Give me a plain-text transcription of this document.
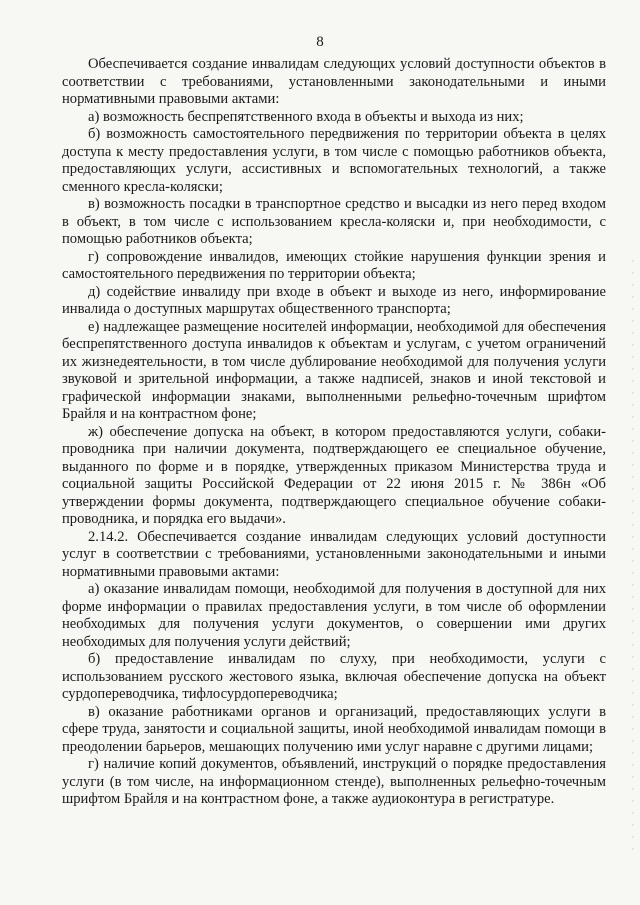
8

Обеспечивается создание инвалидам следующих условий доступности объектов в соответствии с требованиями, установленными законодательными и иными нормативными правовыми актами:

а) возможность беспрепятственного входа в объекты и выхода из них;

б) возможность самостоятельного передвижения по территории объекта в целях доступа к месту предоставления услуги, в том числе с помощью работников объекта, предоставляющих услуги, ассистивных и вспомогательных технологий, а также сменного кресла-коляски;

в) возможность посадки в транспортное средство и высадки из него перед входом в объект, в том числе с использованием кресла-коляски и, при необходимости, с помощью работников объекта;

г) сопровождение инвалидов, имеющих стойкие нарушения функции зрения и самостоятельного передвижения по территории объекта;

д) содействие инвалиду при входе в объект и выходе из него, информирование инвалида о доступных маршрутах общественного транспорта;

е) надлежащее размещение носителей информации, необходимой для обеспечения беспрепятственного доступа инвалидов к объектам и услугам, с учетом ограничений их жизнедеятельности, в том числе дублирование необходимой для получения услуги звуковой и зрительной информации, а также надписей, знаков и иной текстовой и графической информации знаками, выполненными рельефно-точечным шрифтом Брайля и на контрастном фоне;

ж) обеспечение допуска на объект, в котором предоставляются услуги, собаки-проводника при наличии документа, подтверждающего ее специальное обучение, выданного по форме и в порядке, утвержденных приказом Министерства труда и социальной защиты Российской Федерации от 22 июня 2015 г. № 386н «Об утверждении формы документа, подтверждающего специальное обучение собаки-проводника, и порядка его выдачи».

2.14.2. Обеспечивается создание инвалидам следующих условий доступности услуг в соответствии с требованиями, установленными законодательными и иными нормативными правовыми актами:

а) оказание инвалидам помощи, необходимой для получения в доступной для них форме информации о правилах предоставления услуги, в том числе об оформлении необходимых для получения услуги документов, о совершении ими других необходимых для получения услуги действий;

б) предоставление инвалидам по слуху, при необходимости, услуги с использованием русского жестового языка, включая обеспечение допуска на объект сурдопереводчика, тифлосурдопереводчика;

в) оказание работниками органов и организаций, предоставляющих услуги в сфере труда, занятости и социальной защиты, иной необходимой инвалидам помощи в преодолении барьеров, мешающих получению ими услуг наравне с другими лицами;

г) наличие копий документов, объявлений, инструкций о порядке предоставления услуги (в том числе, на информационном стенде), выполненных рельефно-точечным шрифтом Брайля и на контрастном фоне, а также аудиоконтура в регистратуре.
